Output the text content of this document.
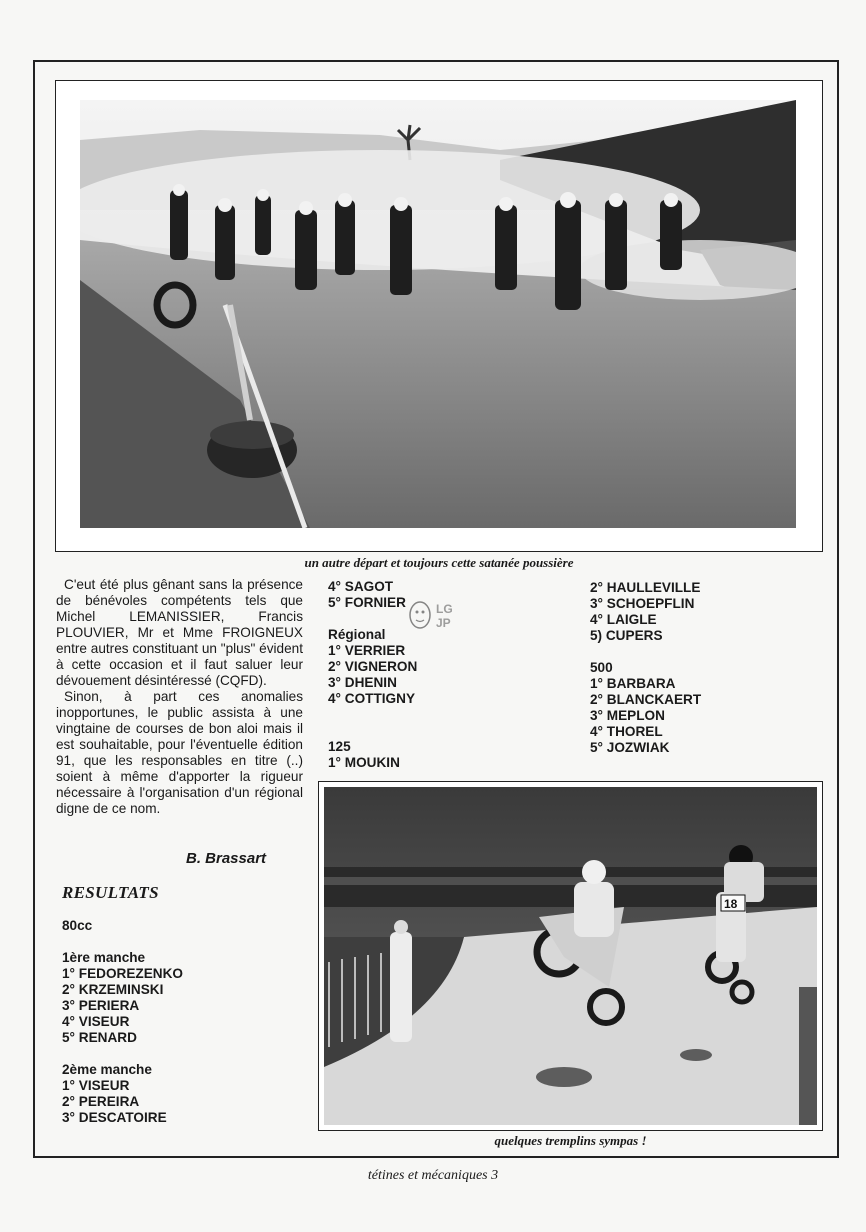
un autre départ et toujours cette satanée poussière

C'eut été plus gênant sans la présence de bénévoles compétents tels que Michel LEMANISSIER, Francis PLOUVIER, Mr et Mme FROIGNEUX entre autres constituant un "plus" évident à cette occasion et il faut saluer leur dévouement désintéressé (CQFD).

Sinon, à part ces anomalies inopportunes, le public assista à une vingtaine de courses de bon aloi mais il est souhaitable, pour l'éventuelle édition 91, que les responsables en titre (..) soient à même d'apporter la rigueur nécessaire à l'organisation d'un régional digne de ce nom.

B. Brassart
RESULTATS
80cc
1ère manche
1° FEDOREZENKO
2° KRZEMINSKI
3° PERIERA
4° VISEUR
5° RENARD
2ème manche
1° VISEUR
2° PEREIRA
3° DESCATOIRE
4° SAGOT
5° FORNIER
Régional
1° VERRIER
2° VIGNERON
3° DHENIN
4° COTTIGNY
125
1° MOUKIN
2° HAULLEVILLE
3° SCHOEPFLIN
4° LAIGLE
5) CUPERS
500
1° BARBARA
2° BLANCKAERT
3° MEPLON
4° THOREL
5° JOZWIAK
LG
JP
18
quelques tremplins sympas !
tétines et mécaniques 3
